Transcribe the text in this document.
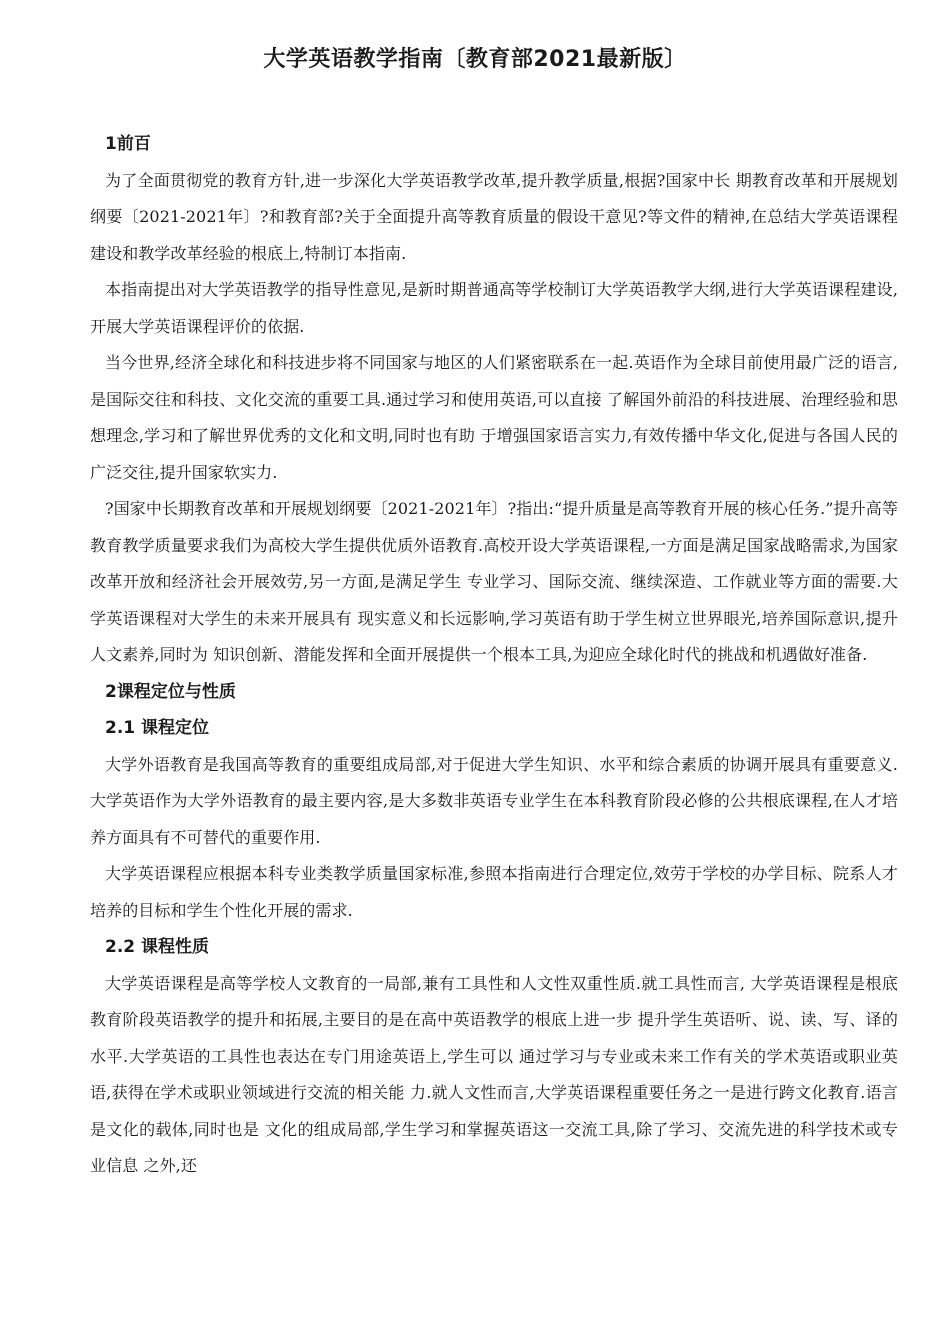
大学英语教学指南〔教育部2021最新版〕
1前百

为了全面贯彻党的教育方针,进一步深化大学英语教学改革,提升教学质量,根据?国家中长 期教育改革和开展规划纲要〔2021-2021年〕?和教育部?关于全面提升高等教育质量的假设干意见?等文件的精神,在总结大学英语课程建设和教学改革经验的根底上,特制订本指南.

本指南提出对大学英语教学的指导性意见,是新时期普通高等学校制订大学英语教学大纲,进行大学英语课程建设,开展大学英语课程评价的依据.

当今世界,经济全球化和科技进步将不同国家与地区的人们紧密联系在一起.英语作为全球目前使用最广泛的语言,是国际交往和科技、文化交流的重要工具.通过学习和使用英语,可以直接 了解国外前沿的科技进展、治理经验和思想理念,学习和了解世界优秀的文化和文明,同时也有助 于增强国家语言实力,有效传播中华文化,促进与各国人民的广泛交往,提升国家软实力.

?国家中长期教育改革和开展规划纲要〔2021-2021年〕?指出:“提升质量是高等教育开展的核心任务.”提升高等教育教学质量要求我们为高校大学生提供优质外语教育.高校开设大学英语课程,一方面是满足国家战略需求,为国家改革开放和经济社会开展效劳,另一方面,是满足学生 专业学习、国际交流、继续深造、工作就业等方面的需要.大学英语课程对大学生的未来开展具有 现实意义和长远影响,学习英语有助于学生树立世界眼光,培养国际意识,提升人文素养,同时为 知识创新、潜能发挥和全面开展提供一个根本工具,为迎应全球化时代的挑战和机遇做好准备.

2课程定位与性质
2.1 课程定位

大学外语教育是我国高等教育的重要组成局部,对于促进大学生知识、水平和综合素质的协调开展具有重要意义.大学英语作为大学外语教育的最主要内容,是大多数非英语专业学生在本科教育阶段必修的公共根底课程,在人才培养方面具有不可替代的重要作用.

大学英语课程应根据本科专业类教学质量国家标准,参照本指南进行合理定位,效劳于学校的办学目标、院系人才培养的目标和学生个性化开展的需求.

2.2 课程性质

大学英语课程是高等学校人文教育的一局部,兼有工具性和人文性双重性质.就工具性而言, 大学英语课程是根底教育阶段英语教学的提升和拓展,主要目的是在高中英语教学的根底上进一步 提升学生英语听、说、读、写、译的水平.大学英语的工具性也表达在专门用途英语上,学生可以 通过学习与专业或未来工作有关的学术英语或职业英语,获得在学术或职业领域进行交流的相关能 力.就人文性而言,大学英语课程重要任务之一是进行跨文化教育.语言是文化的载体,同时也是 文化的组成局部,学生学习和掌握英语这一交流工具,除了学习、交流先进的科学技术或专业信息 之外,还
